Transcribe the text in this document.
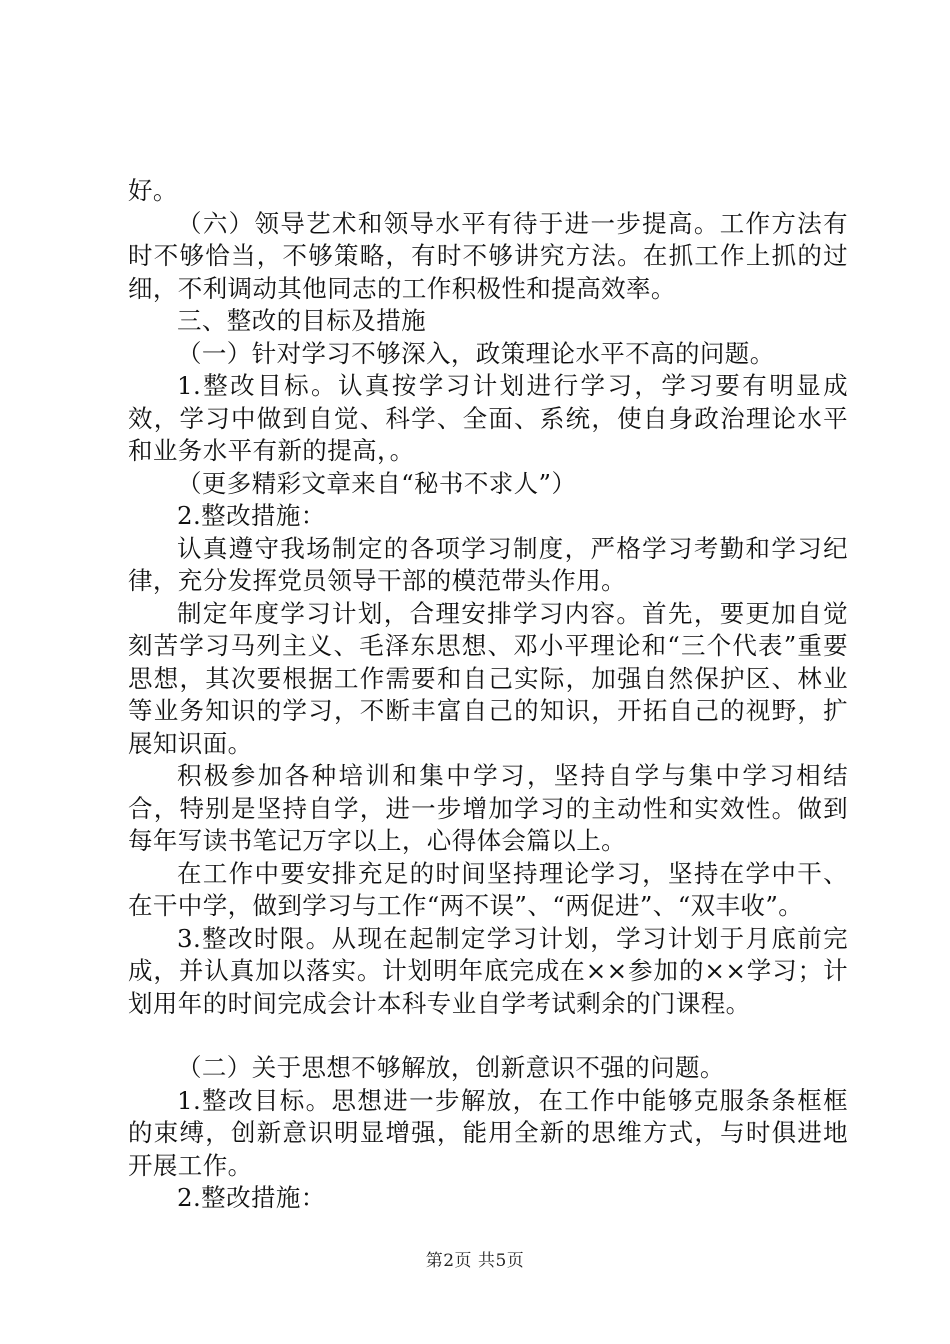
好。

（六）领导艺术和领导水平有待于进一步提高。工作方法有时不够恰当，不够策略，有时不够讲究方法。在抓工作上抓的过细，不利调动其他同志的工作积极性和提高效率。

三、整改的目标及措施

（一）针对学习不够深入，政策理论水平不高的问题。

1.整改目标。认真按学习计划进行学习，学习要有明显成效，学习中做到自觉、科学、全面、系统，使自身政治理论水平和业务水平有新的提高，。

（更多精彩文章来自“秘书不求人”）

2.整改措施：

认真遵守我场制定的各项学习制度，严格学习考勤和学习纪律，充分发挥党员领导干部的模范带头作用。

制定年度学习计划，合理安排学习内容。首先，要更加自觉刻苦学习马列主义、毛泽东思想、邓小平理论和“三个代表”重要思想，其次要根据工作需要和自己实际，加强自然保护区、林业等业务知识的学习，不断丰富自己的知识，开拓自己的视野，扩展知识面。

积极参加各种培训和集中学习，坚持自学与集中学习相结合，特别是坚持自学，进一步增加学习的主动性和实效性。做到每年写读书笔记万字以上，心得体会篇以上。

在工作中要安排充足的时间坚持理论学习，坚持在学中干、在干中学，做到学习与工作“两不误”、“两促进”、“双丰收”。

3.整改时限。从现在起制定学习计划，学习计划于月底前完成，并认真加以落实。计划明年底完成在××参加的××学习；计划用年的时间完成会计本科专业自学考试剩余的门课程。

（二）关于思想不够解放，创新意识不强的问题。

1.整改目标。思想进一步解放，在工作中能够克服条条框框的束缚，创新意识明显增强，能用全新的思维方式，与时俱进地开展工作。

2.整改措施：

第2页 共5页
